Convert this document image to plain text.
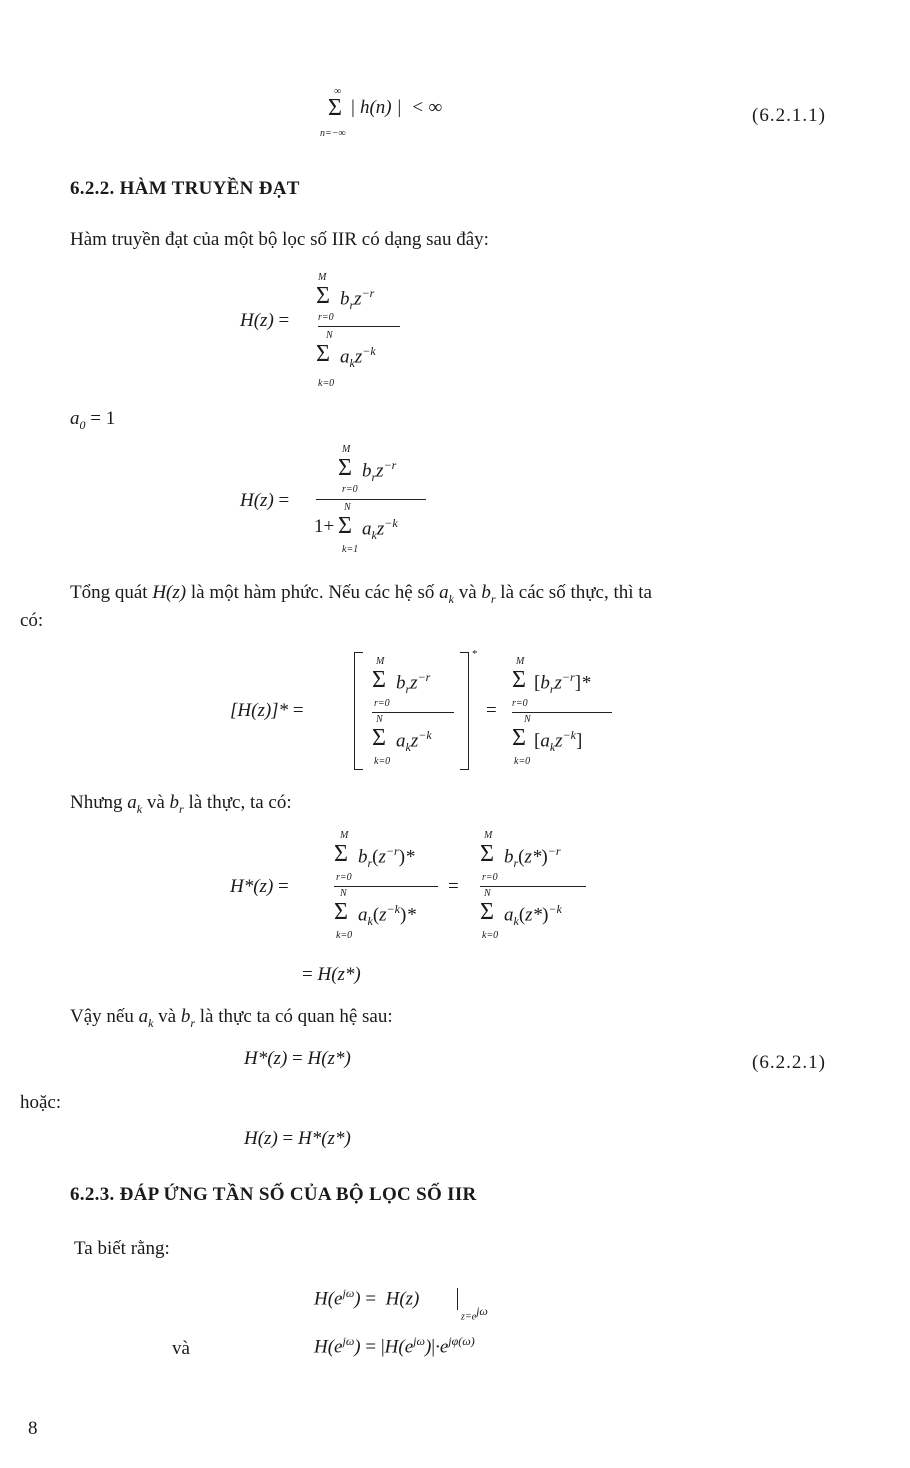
∞
Σ | h(n) |  < ∞
n=−∞
(6.2.1.1)
6.2.2. HÀM TRUYỀN ĐẠT
Hàm truyền đạt của một bộ lọc số IIR có dạng sau đây:
H(z) =
M
Σ $b_rz^{-r}$
r=0
N
Σ $a_kz^{-k}$
k=0
$a_0 = 1$
H(z) =
M
Σ $b_rz^{-r}$
r=0
N
1+ Σ $a_kz^{-k}$
k=1
Tổng quát H(z) là một hàm phức. Nếu các hệ số $a_k$ và $b_r$ là các số thực, thì ta
có:
[H(z)]* =
*
M
Σ $b_rz^{-r}$
r=0
N
Σ $a_kz^{-k}$
k=0
=
M
Σ $[b_rz^{-r}]*$
r=0
N
Σ $[a_kz^{-k}]$
k=0
Nhưng $a_k$ và $b_r$ là thực, ta có:
H*(z) =
M
Σ $b_r(z^{-r})*$
r=0
N
Σ $a_k(z^{-k})*$
k=0
=
M
Σ $b_r(z*)^{-r}$
r=0
N
Σ $a_k(z*)^{-k}$
k=0
= H(z*)
Vậy nếu $a_k$ và $b_r$ là thực ta có quan hệ sau:
H*(z) = H(z*)	(6.2.2.1)
hoặc:
H(z) = H*(z*)
6.2.3. ĐÁP ỨNG TẦN SỐ CỦA BỘ LỌC SỐ IIR
Ta biết rằng:
$H(e^{j\omega}) = H(z)$
$z=e^{j\omega}$
và	$H(e^{j\omega}) = |H(e^{j\omega})|\cdot e^{j\varphi(\omega)}$
8
